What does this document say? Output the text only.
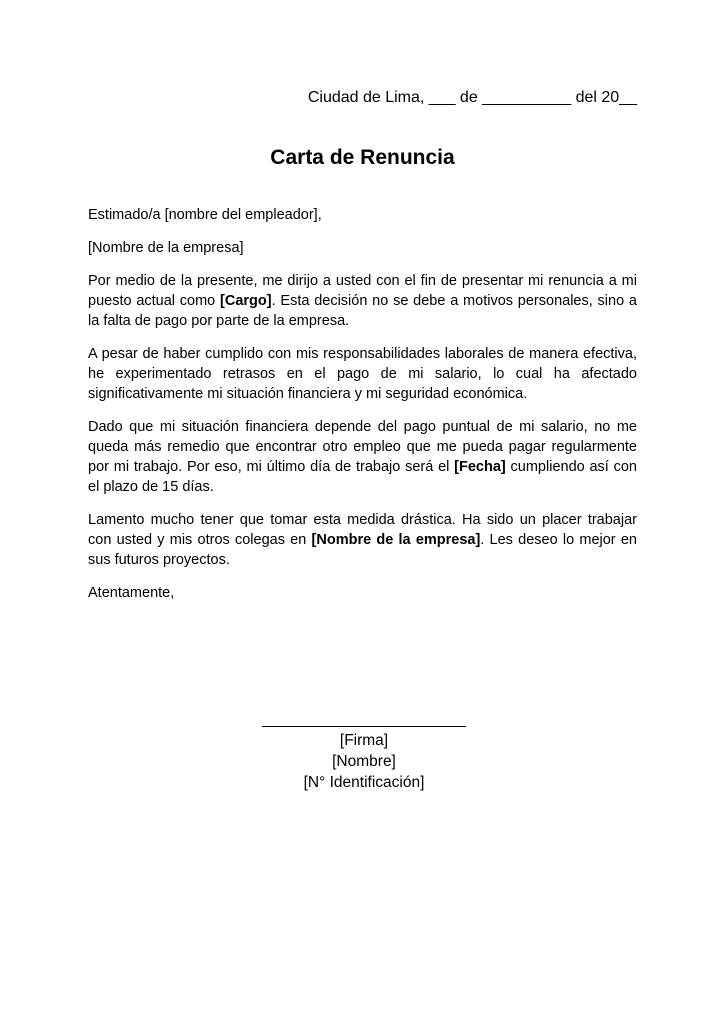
Ciudad de Lima, ___ de __________ del 20__
Carta de Renuncia

Estimado/a [nombre del empleador],

[Nombre de la empresa]

Por medio de la presente, me dirijo a usted con el fin de presentar mi renuncia a mi puesto actual como [Cargo]. Esta decisión no se debe a motivos personales, sino a la falta de pago por parte de la empresa.

A pesar de haber cumplido con mis responsabilidades laborales de manera efectiva, he experimentado retrasos en el pago de mi salario, lo cual ha afectado significativamente mi situación financiera y mi seguridad económica.

Dado que mi situación financiera depende del pago puntual de mi salario, no me queda más remedio que encontrar otro empleo que me pueda pagar regularmente por mi trabajo. Por eso, mi último día de trabajo será el [Fecha] cumpliendo así con el plazo de 15 días.

Lamento mucho tener que tomar esta medida drástica. Ha sido un placer trabajar con usted y mis otros colegas en [Nombre de la empresa]. Les deseo lo mejor en sus futuros proyectos.

Atentamente,

[Firma]
[Nombre]
[N° Identificación]
